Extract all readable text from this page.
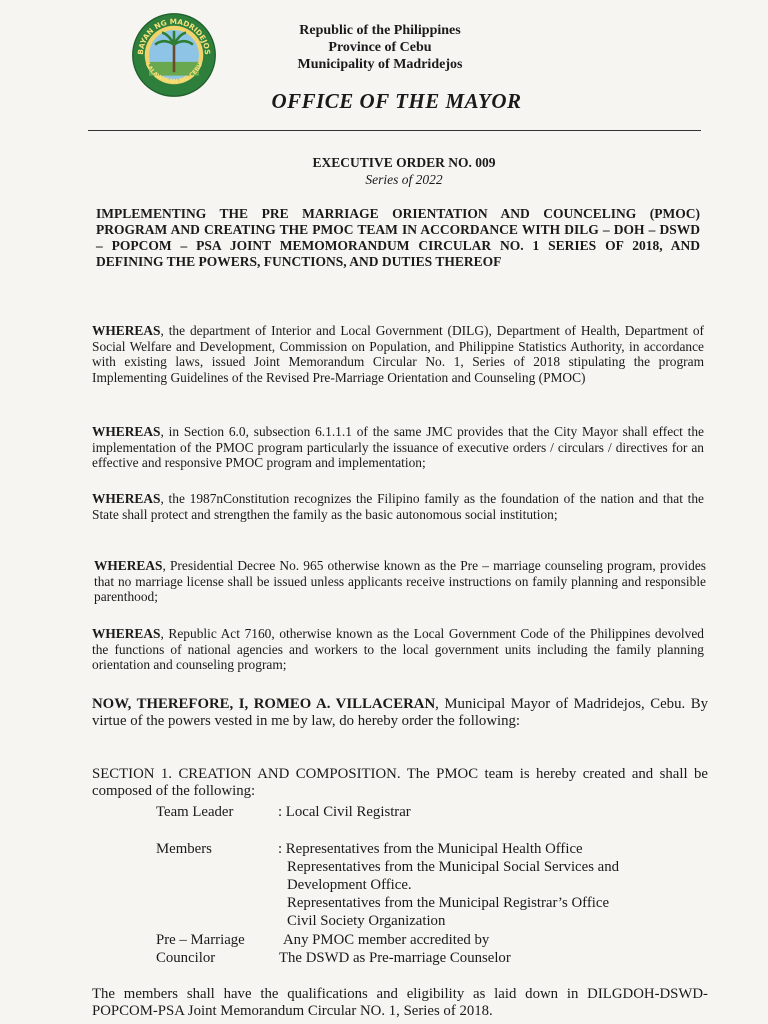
BAYAN NG MADRIDEJOS
LALAWIGAN NG CEBU
Republic of the Philippines
Province of Cebu
Municipality of Madridejos
OFFICE OF THE MAYOR
EXECUTIVE ORDER NO. 009
Series of 2022
IMPLEMENTING THE PRE MARRIAGE ORIENTATION AND COUNCELING (PMOC) PROGRAM AND CREATING THE PMOC TEAM IN ACCORDANCE WITH DILG – DOH – DSWD – POPCOM – PSA JOINT MEMOMORANDUM CIRCULAR NO. 1 SERIES OF 2018, AND DEFINING THE POWERS, FUNCTIONS, AND DUTIES THEREOF
WHEREAS, the department of Interior and Local Government (DILG), Department of Health, Department of Social Welfare and Development, Commission on Population, and Philippine Statistics Authority, in accordance with existing laws, issued Joint Memorandum Circular No. 1, Series of 2018 stipulating the program Implementing Guidelines of the Revised Pre-Marriage Orientation and Counseling (PMOC)
WHEREAS, in Section 6.0, subsection 6.1.1.1 of the same JMC provides that the City Mayor shall effect the implementation of the PMOC program particularly the issuance of executive orders / circulars / directives for an effective and responsive PMOC program and implementation;
WHEREAS, the 1987nConstitution recognizes the Filipino family as the foundation of the nation and that the State shall protect and strengthen the family as the basic autonomous social institution;
WHEREAS, Presidential Decree No. 965 otherwise known as the Pre – marriage counseling program, provides that no marriage license shall be issued unless applicants receive instructions on family planning and responsible parenthood;
WHEREAS, Republic Act 7160, otherwise known as the Local Government Code of the Philippines devolved the functions of national agencies and workers to the local government units including the family planning orientation and counseling program;
NOW, THEREFORE, I, ROMEO A. VILLACERAN, Municipal Mayor of Madridejos, Cebu. By virtue of the powers vested in me by law, do hereby order the following:
SECTION 1. CREATION AND COMPOSITION. The PMOC team is hereby created and shall be composed of the following:
Team Leader	: Local Civil Registrar
Members	: Representatives from the Municipal Health Office
Representatives from the Municipal Social Services and
Development Office.
Representatives from the Municipal Registrar’s Office
Civil Society Organization
Pre – Marriage
Councilor
Any PMOC member accredited by
The DSWD as Pre-marriage Counselor
The members shall have the qualifications and eligibility as laid down in DILGDOH-DSWD-POPCOM-PSA Joint Memorandum Circular NO. 1, Series of 2018.
